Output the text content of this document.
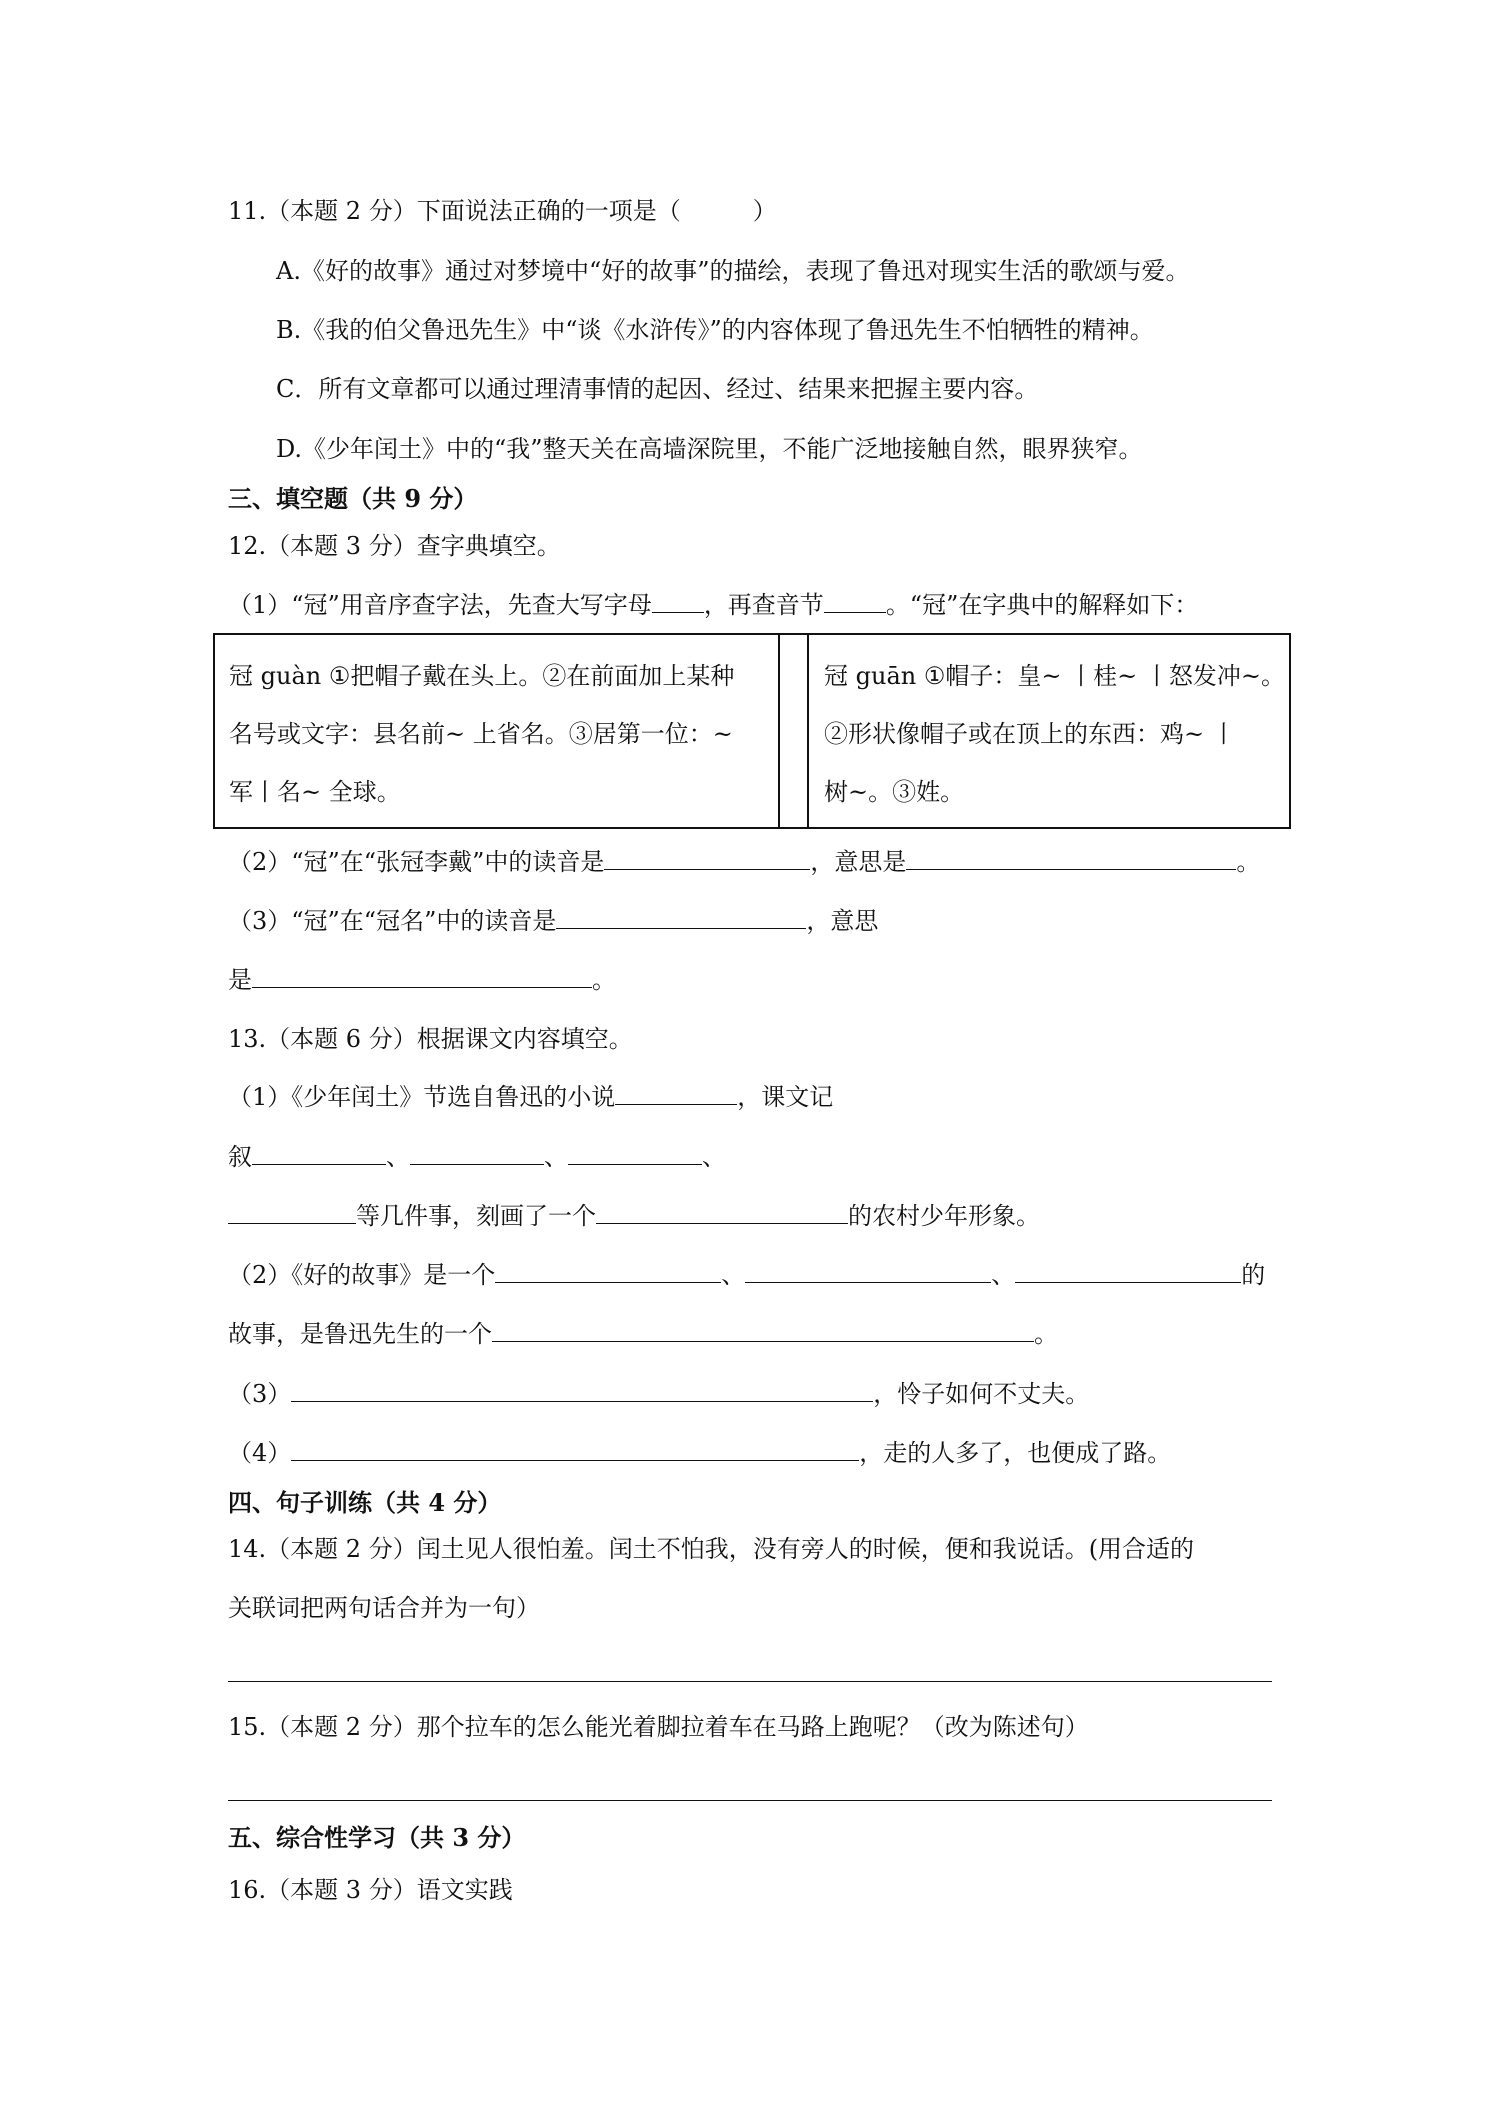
11.（本题 2 分）下面说法正确的一项是（　　　）
A.《好的故事》通过对梦境中“好的故事”的描绘，表现了鲁迅对现实生活的歌颂与爱。
B.《我的伯父鲁迅先生》中“谈《水浒传》”的内容体现了鲁迅先生不怕牺牲的精神。
C．所有文章都可以通过理清事情的起因、经过、结果来把握主要内容。
D.《少年闰土》中的“我”整天关在高墙深院里，不能广泛地接触自然，眼界狭窄。
三、填空题（共 9 分）
12.（本题 3 分）查字典填空。
（1）“冠”用音序查字法，先查大写字母 ，再查音节	。“冠”在字典中的解释如下：
冠 guàn ①把帽子戴在头上。②在前面加上某种
名号或文字：县名前~ 上省名。③居第一位：~
军丨名~ 全球。
冠 guān ①帽子：皇~ 丨桂~ 丨怒发冲~。
②形状像帽子或在顶上的东西：鸡~ 丨
树~。③姓。
（2）“冠”在“张冠李戴”中的读音是	，意思是	。
（3）“冠”在“冠名”中的读音是	，意思
是	。
13.（本题 6 分）根据课文内容填空。
（1）《少年闰土》节选自鲁迅的小说	，课文记
叙	、	、	、
等几件事，刻画了一个	的农村少年形象。
（2）《好的故事》是一个	、	、	的
故事，是鲁迅先生的一个	。
（3）	，怜子如何不丈夫。
（4）	，走的人多了，也便成了路。
四、句子训练（共 4 分）
14.（本题 2 分）闰土见人很怕羞。闰土不怕我，没有旁人的时候，便和我说话。(用合适的
关联词把两句话合并为一句）
15.（本题 2 分）那个拉车的怎么能光着脚拉着车在马路上跑呢？（改为陈述句）
五、综合性学习（共 3 分）
16.（本题 3 分）语文实践
